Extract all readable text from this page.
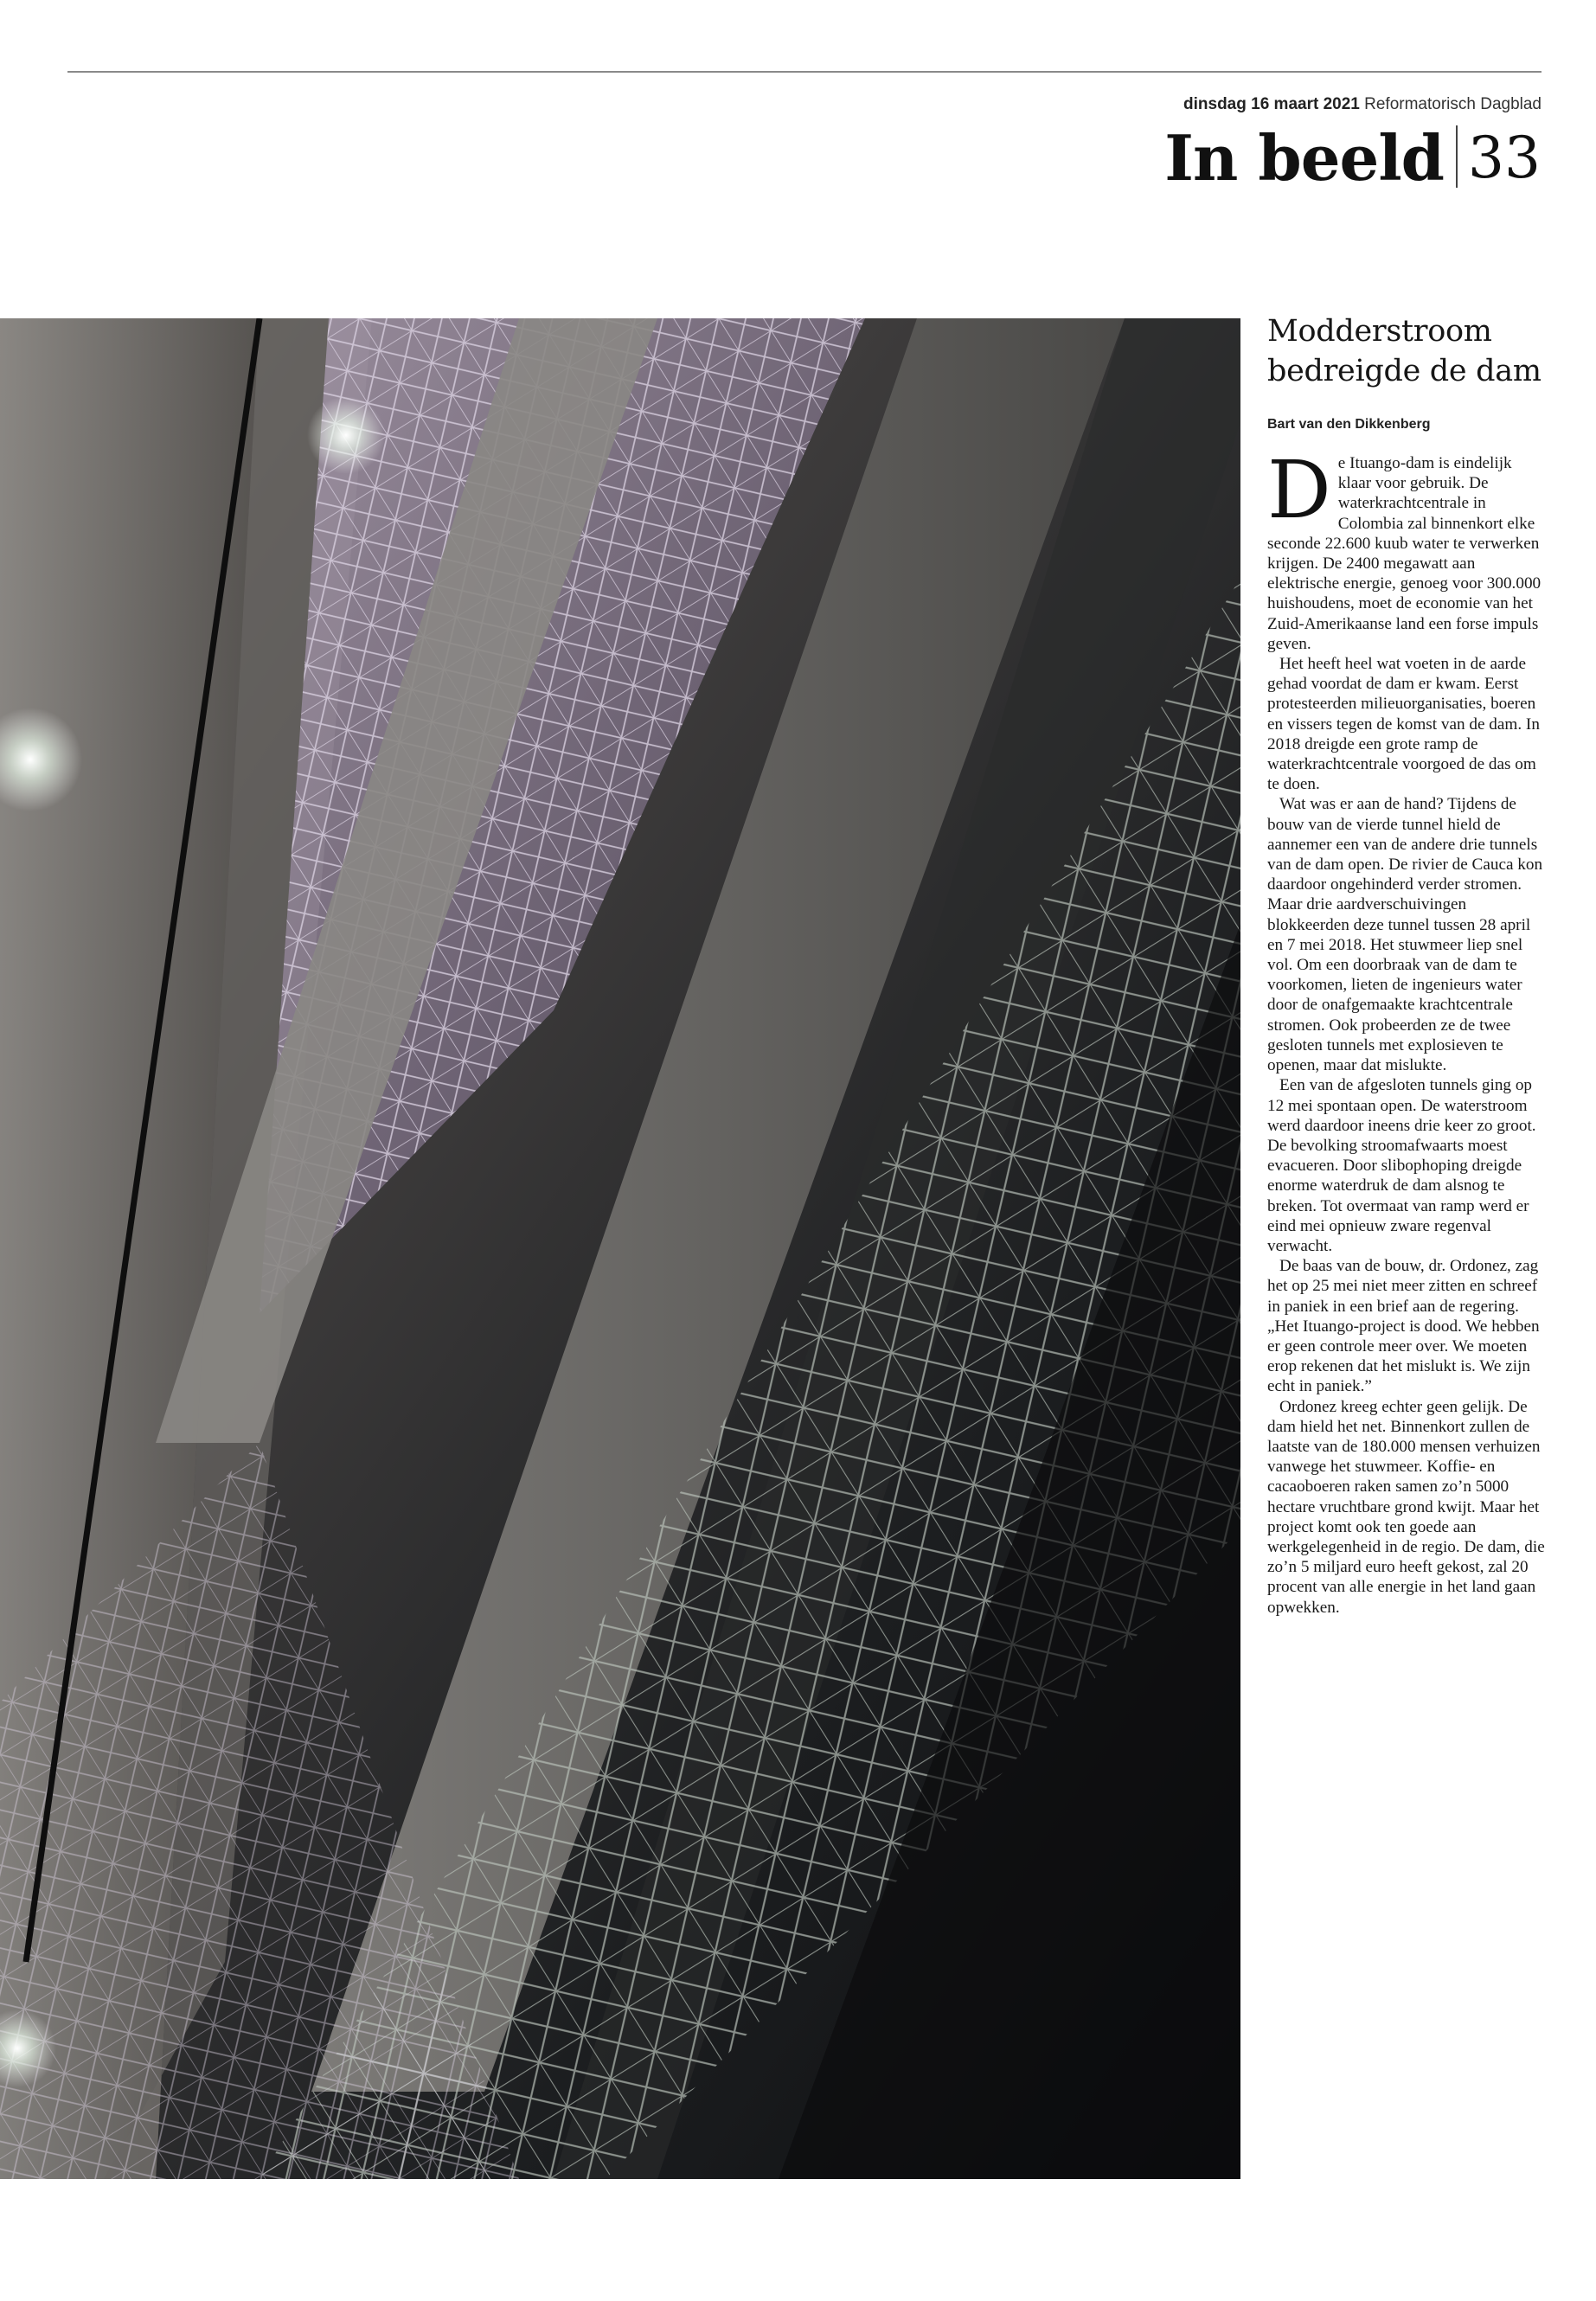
dinsdag 16 maart 2021 Reformatorisch Dagblad
In beeld 33
Modderstroom bedreigde de dam
Bart van den Dikkenberg

De Ituango-dam is eindelijk klaar voor gebruik. De waterkrachtcentrale in Colombia zal binnenkort elke seconde 22.600 kuub water te verwerken krijgen. De 2400 megawatt aan elektrische energie, genoeg voor 300.000 huishoudens, moet de economie van het Zuid-Amerikaanse land een forse impuls geven.

Het heeft heel wat voeten in de aarde gehad voordat de dam er kwam. Eerst protesteerden milieuorganisaties, boeren en vissers tegen de komst van de dam. In 2018 dreigde een grote ramp de waterkrachtcentrale voorgoed de das om te doen.

Wat was er aan de hand? Tijdens de bouw van de vierde tunnel hield de aannemer een van de andere drie tunnels van de dam open. De rivier de Cauca kon daardoor ongehinderd verder stromen. Maar drie aardverschuivingen blokkeerden deze tunnel tussen 28 april en 7 mei 2018. Het stuwmeer liep snel vol. Om een doorbraak van de dam te voorkomen, lieten de ingenieurs water door de onafgemaakte krachtcentrale stromen. Ook probeerden ze de twee gesloten tunnels met explosieven te openen, maar dat mislukte.

Een van de afgesloten tunnels ging op 12 mei spontaan open. De waterstroom werd daardoor ineens drie keer zo groot. De bevolking stroomafwaarts moest evacueren. Door slibophoping dreigde enorme waterdruk de dam alsnog te breken. Tot overmaat van ramp werd er eind mei opnieuw zware regenval verwacht.

De baas van de bouw, dr. Ordonez, zag het op 25 mei niet meer zitten en schreef in paniek in een brief aan de regering. „Het Ituango-project is dood. We hebben er geen controle meer over. We moeten erop rekenen dat het mislukt is. We zijn echt in paniek.”

Ordonez kreeg echter geen gelijk. De dam hield het net. Binnenkort zullen de laatste van de 180.000 mensen verhuizen vanwege het stuwmeer. Koffie- en cacaoboeren raken samen zo’n 5000 hectare vruchtbare grond kwijt. Maar het project komt ook ten goede aan werkgelegenheid in de regio. De dam, die zo’n 5 miljard euro heeft gekost, zal 20 procent van alle energie in het land gaan opwekken.
